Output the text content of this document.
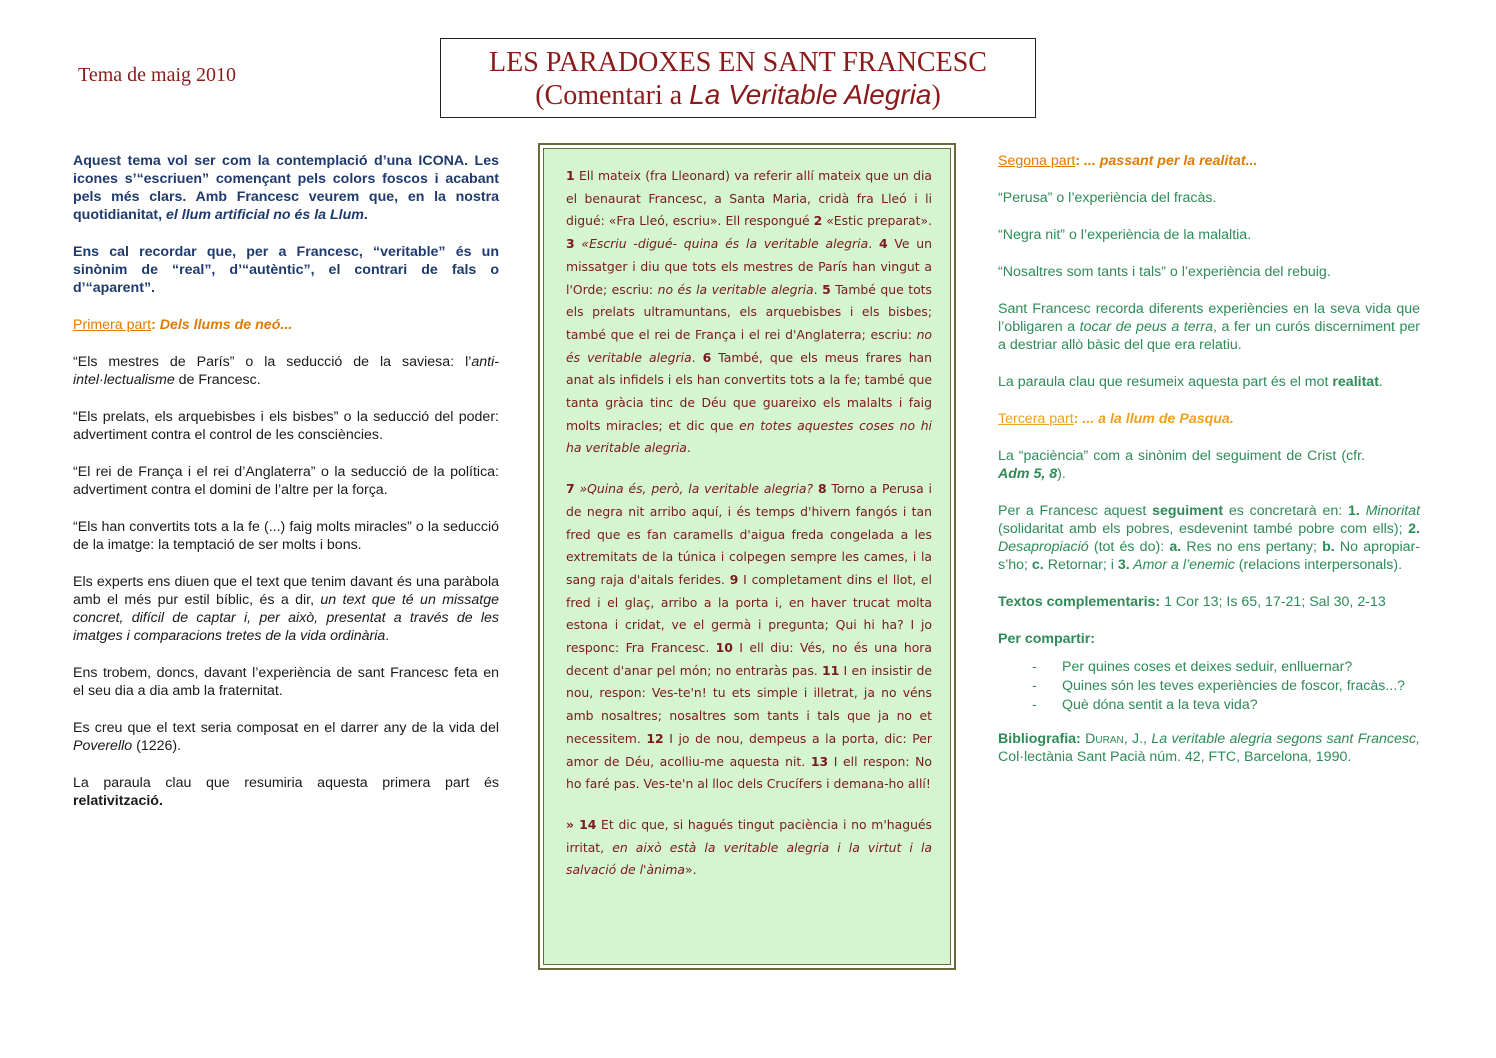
Tema de maig 2010	LES PARADOXES EN SANT FRANCESC
(Comentari a La Veritable Alegria)

Aquest tema vol ser com la contemplació d’una ICONA. Les icones s’“escriuen” començant pels colors foscos i acabant pels més clars. Amb Francesc veurem que, en la nostra quotidianitat, el llum artificial no és la Llum.

Ens cal recordar que, per a Francesc, “veritable” és un sinònim de “real”, d’“autèntic”, el contrari de fals o d’“aparent”.

Primera part: Dels llums de neó...

“Els mestres de París” o la seducció de la saviesa: l’anti-intel·lectualisme de Francesc.

“Els prelats, els arquebisbes i els bisbes” o la seducció del poder: advertiment contra el control de les consciències.

“El rei de França i el rei d’Anglaterra” o la seducció de la política: advertiment contra el domini de l’altre per la força.

“Els han convertits tots a la fe (...) faig molts miracles” o la seducció de la imatge: la temptació de ser molts i bons.

Els experts ens diuen que el text que tenim davant és una paràbola amb el més pur estil bíblic, és a dir, un text que té un missatge concret, difícil de captar i, per això, presentat a través de les imatges i comparacions tretes de la vida ordinària.

Ens trobem, doncs, davant l’experiència de sant Francesc feta en el seu dia a dia amb la fraternitat.

Es creu que el text seria composat en el darrer any de la vida del Poverello (1226).

La paraula clau que resumiria aquesta primera part és relativització.

1 Ell mateix (fra Lleonard) va referir allí mateix que un dia el benaurat Francesc, a Santa Maria, cridà fra Lleó i li digué: «Fra Lleó, escriu». Ell respongué 2 «Estic preparat». 3 «Escriu -digué- quina és la veritable alegria. 4 Ve un missatger i diu que tots els mestres de París han vingut a l'Orde; escriu: no és la veritable alegria. 5 També que tots els prelats ultramuntans, els arquebisbes i els bisbes; també que el rei de França i el rei d'Anglaterra; escriu: no és veritable alegria. 6 També, que els meus frares han anat als infidels i els han convertits tots a la fe; també que tanta gràcia tinc de Déu que guareixo els malalts i faig molts miracles; et dic que en totes aquestes coses no hi ha veritable alegria.

7 »Quina és, però, la veritable alegria? 8 Torno a Perusa i de negra nit arribo aquí, i és temps d'hivern fangós i tan fred que es fan caramells d'aigua freda congelada a les extremitats de la túnica i colpegen sempre les cames, i la sang raja d'aitals ferides. 9 I completament dins el llot, el fred i el glaç, arribo a la porta i, en haver trucat molta estona i cridat, ve el germà i pregunta; Qui hi ha? I jo responc: Fra Francesc. 10 I ell diu: Vés, no és una hora decent d'anar pel món; no entraràs pas. 11 I en insistir de nou, respon: Ves-te'n! tu ets simple i illetrat, ja no véns amb nosaltres; nosaltres som tants i tals que ja no et necessitem. 12 I jo de nou, dempeus a la porta, dic: Per amor de Déu, acolliu-me aquesta nit. 13 I ell respon: No ho faré pas. Ves-te'n al lloc dels Crucífers i demana-ho allí!

» 14 Et dic que, si hagués tingut paciència i no m'hagués irritat, en això està la veritable alegria i la virtut i la salvació de l'ànima».

Segona part: ... passant per la realitat...

“Perusa” o l’experiència del fracàs.

“Negra nit” o l’experiència de la malaltia.

“Nosaltres som tants i tals” o l’experiència del rebuig.

Sant Francesc recorda diferents experiències en la seva vida que l’obligaren a tocar de peus a terra, a fer un curós discerniment per a destriar allò bàsic del que era relatiu.

La paraula clau que resumeix aquesta part és el mot realitat.

Tercera part: ... a la llum de Pasqua.

La “paciència” com a sinònim del seguiment de Crist (cfr. Adm 5, 8).

Per a Francesc aquest seguiment es concretarà en: 1. Minoritat (solidaritat amb els pobres, esdevenint també pobre com ells); 2. Desapropiació (tot és do): a. Res no ens pertany; b. No apropiar-s’ho; c. Retornar; i 3. Amor a l’enemic (relacions interpersonals).

Textos complementaris: 1 Cor 13; Is 65, 17-21; Sal 30, 2-13

Per compartir:

- Per quines coses et deixes seduir, enlluernar?
- Quines són les teves experiències de foscor, fracàs...?
- Què dóna sentit a la teva vida?

Bibliografia: Duran, J., La veritable alegria segons sant Francesc, Col·lectània Sant Pacià núm. 42, FTC, Barcelona, 1990.
